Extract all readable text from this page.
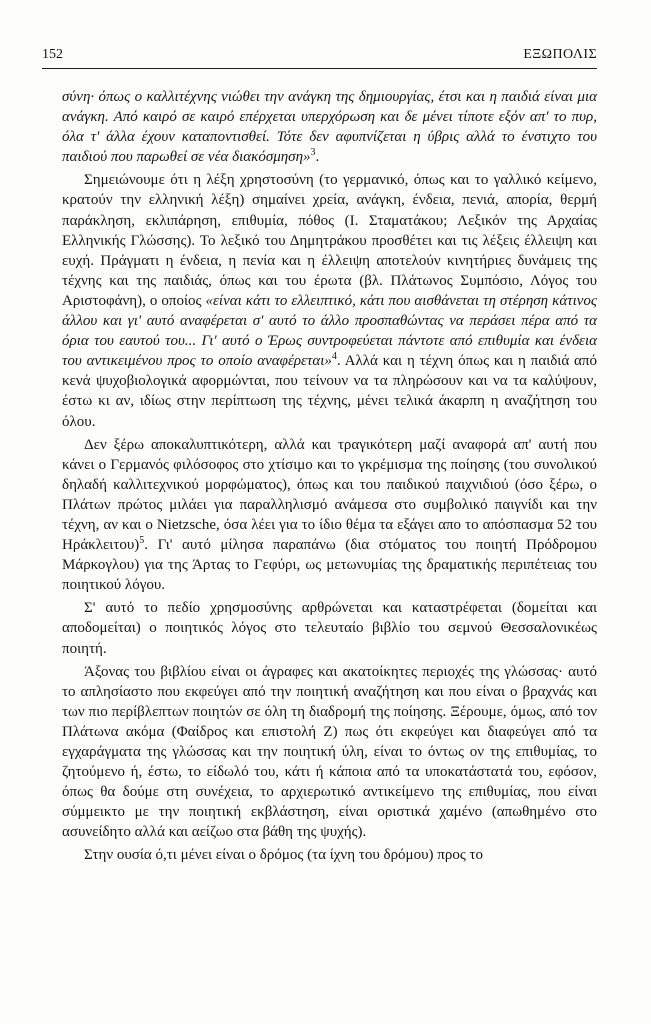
152	ΕΞΩΠΟΛΙΣ

σύνη· όπως ο καλλιτέχνης νιώθει την ανάγκη της δημιουργίας, έτσι και η παιδιά είναι μια ανάγκη. Από καιρό σε καιρό επέρχεται υπερχόρωση και δε μένει τίποτε εξόν απ' το πυρ, όλα τ' άλλα έχουν καταποντισθεί. Τότε δεν αφυπνίζεται η ύβρις αλλά το ένστιχτο του παιδιού που παρωθεί σε νέα διακόσμηση»$^3$.

Σημειώνουμε ότι η λέξη χρηστοσύνη (το γερμανικό, όπως και το γαλλικό κείμενο, κρατούν την ελληνική λέξη) σημαίνει χρεία, ανάγκη, ένδεια, πενιά, απορία, θερμή παράκληση, εκλιπάρηση, επιθυμία, πόθος (Ι. Σταματάκου; Λεξικόν της Αρχαίας Ελληνικής Γλώσσης). Το λεξικό του Δημητράκου προσθέτει και τις λέξεις έλλειψη και ευχή. Πράγματι η ένδεια, η πενία και η έλλειψη αποτελούν κινητήριες δυνάμεις της τέχνης και της παιδιάς, όπως και του έρωτα (βλ. Πλάτωνος Συμπόσιο, Λόγος του Αριστοφάνη), ο οποίος «είναι κάτι το ελλειπτικό, κάτι που αισθάνεται τη στέρηση κάτινος άλλου και γι' αυτό αναφέρεται σ' αυτό το άλλο προσπαθώντας να περάσει πέρα από τα όρια του εαυτού του... Γι' αυτό ο Έρως συντροφεύεται πάντοτε από επιθυμία και ένδεια του αντικειμένου προς το οποίο αναφέρεται»$^4$. Αλλά και η τέχνη όπως και η παιδιά από κενά ψυχοβιολογικά αφορμώνται, που τείνουν να τα πληρώσουν και να τα καλύψουν, έστω κι αν, ιδίως στην περίπτωση της τέχνης, μένει τελικά άκαρπη η αναζήτηση του όλου.

Δεν ξέρω αποκαλυπτικότερη, αλλά και τραγικότερη μαζί αναφορά απ' αυτή που κάνει ο Γερμανός φιλόσοφος στο χτίσιμο και το γκρέμισμα της ποίησης (του συνολικού δηλαδή καλλιτεχνικού μορφώματος), όπως και του παιδικού παιχνιδιού (όσο ξέρω, ο Πλάτων πρώτος μιλάει για παραλληλισμό ανάμεσα στο συμβολικό παιγνίδι και την τέχνη, αν και ο Nietzsche, όσα λέει για το ίδιο θέμα τα εξάγει απο το απόσπασμα 52 του Ηράκλειτου)$^5$. Γι' αυτό μίλησα παραπάνω (δια στόματος του ποιητή Πρόδρομου Μάρκογλου) για της Άρτας το Γεφύρι, ως μετωνυμίας της δραματικής περιπέτειας του ποιητικού λόγου.

Σ' αυτό το πεδίο χρησμοσύνης αρθρώνεται και καταστρέφεται (δομείται και αποδομείται) ο ποιητικός λόγος στο τελευταίο βιβλίο του σεμνού Θεσσαλονικέως ποιητή.

Άξονας του βιβλίου είναι οι άγραφες και ακατοίκητες περιοχές της γλώσσας· αυτό το απλησίαστο που εκφεύγει από την ποιητική αναζήτηση και που είναι ο βραχνάς και των πιο περίβλεπτων ποιητών σε όλη τη διαδρομή της ποίησης. Ξέρουμε, όμως, από τον Πλάτωνα ακόμα (Φαίδρος και επιστολή Ζ) πως ότι εκφεύγει και διαφεύγει από τα εγχαράγματα της γλώσσας και την ποιητική ύλη, είναι το όντως ον της επιθυμίας, το ζητούμενο ή, έστω, το είδωλό του, κάτι ή κάποια από τα υποκατάστατά του, εφόσον, όπως θα δούμε στη συνέχεια, το αρχιερωτικό αντικείμενο της επιθυμίας, που είναι σύμμεικτο με την ποιητική εκβλάστηση, είναι οριστικά χαμένο (απωθημένο στο ασυνείδητο αλλά και αείζωο στα βάθη της ψυχής).

Στην ουσία ό,τι μένει είναι ο δρόμος (τα ίχνη του δρόμου) προς το
